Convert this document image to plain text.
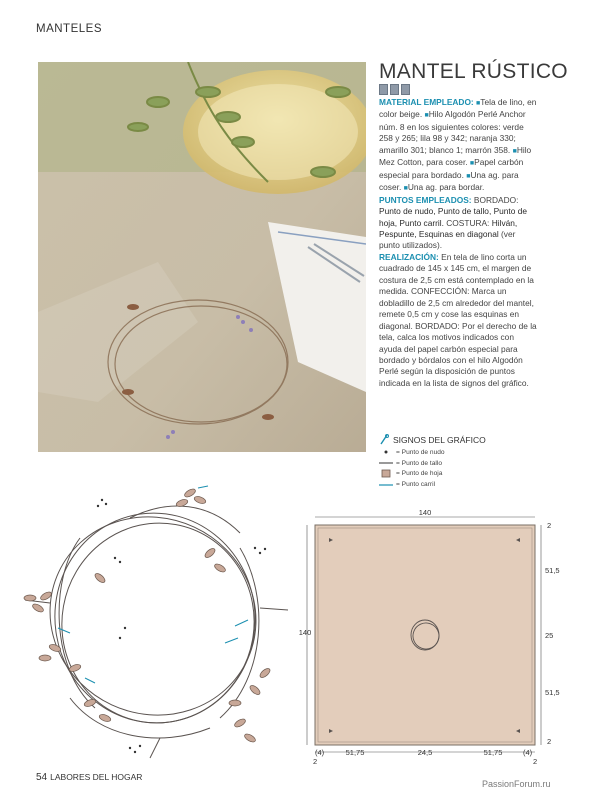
MANTELES
MANTEL RÚSTICO

MATERIAL EMPLEADO: ■Tela de lino, en color beige. ■Hilo Algodón Perlé Anchor núm. 8 en los siguientes colores: verde 258 y 265; lila 98 y 342; naranja 330; amarillo 301; blanco 1; marrón 358. ■Hilo Mez Cotton, para coser. ■Papel carbón especial para bordado. ■Una ag. para coser. ■Una ag. para bordar.

PUNTOS EMPLEADOS: BORDADO: Punto de nudo, Punto de tallo, Punto de hoja, Punto carril. COSTURA: Hilván, Pespunte, Esquinas en diagonal (ver punto utilizados).

REALIZACIÓN: En tela de lino corta un cuadrado de 145 x 145 cm, el margen de costura de 2,5 cm está contemplado en la medida. CONFECCIÓN: Marca un dobladillo de 2,5 cm alrededor del mantel, remete 0,5 cm y cose las esquinas en diagonal. BORDADO: Por el derecho de la tela, calca los motivos indicados con ayuda del papel carbón especial para bordado y bórdalos con el hilo Algodón Perlé según la disposición de puntos indicada en la lista de signos del gráfico.

SIGNOS DEL GRÁFICO
= Punto de nudo
= Punto de tallo
= Punto de hoja
= Punto carril
140
140
2
51,5
25
51,5
2
(4)	51,75	24,5	51,75	(4)
2	2
54 LABORES DEL HOGAR
PassionForum.ru
